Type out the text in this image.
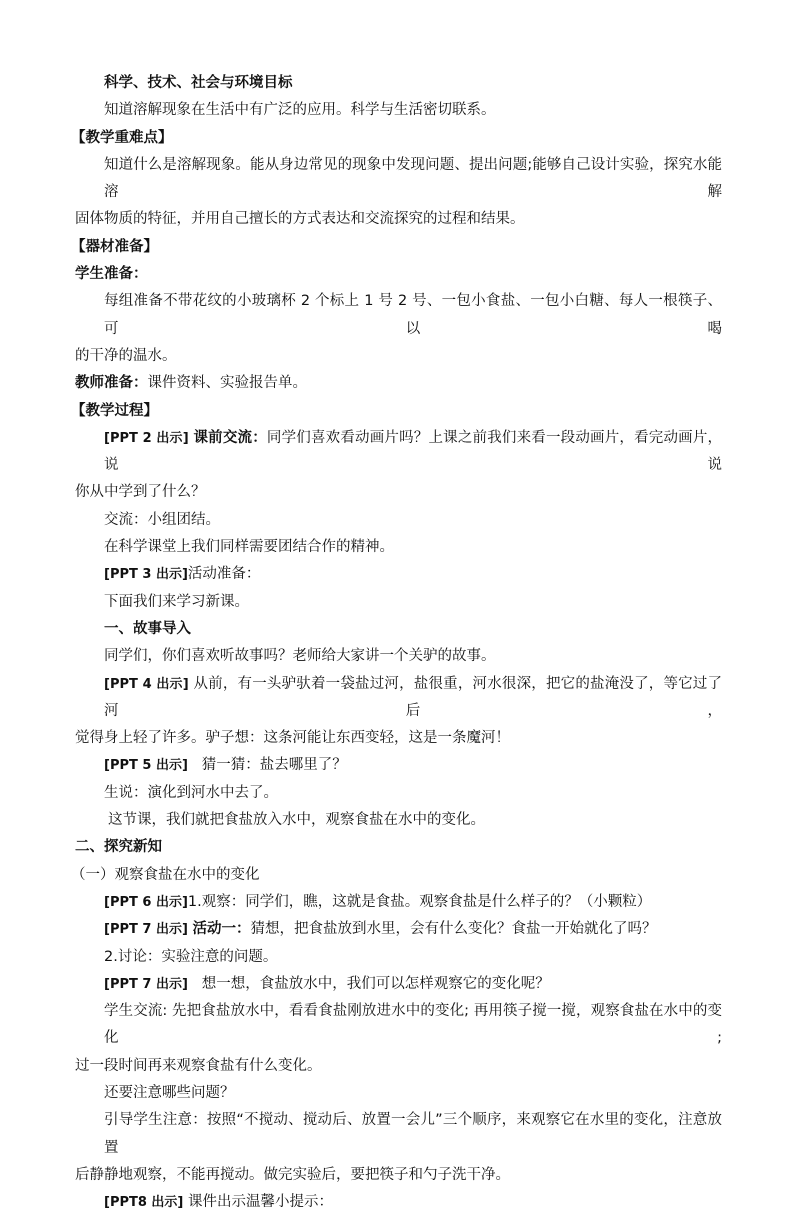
科学、技术、社会与环境目标

知道溶解现象在生活中有广泛的应用。科学与生活密切联系。

【教学重难点】

知道什么是溶解现象。能从身边常见的现象中发现问题、提出问题;能够自己设计实验，探究水能溶解

固体物质的特征，并用自己擅长的方式表达和交流探究的过程和结果。

【器材准备】

学生准备：

每组准备不带花纹的小玻璃杯 2 个标上 1 号 2 号、一包小食盐、一包小白糖、每人一根筷子、可以喝

的干净的温水。

教师准备：课件资料、实验报告单。

【教学过程】

[PPT 2 出示] 课前交流：同学们喜欢看动画片吗？上课之前我们来看一段动画片，看完动画片，说说

你从中学到了什么？

交流：小组团结。

在科学课堂上我们同样需要团结合作的精神。

[PPT 3 出示]活动准备：

下面我们来学习新课。

一、故事导入

同学们，你们喜欢听故事吗？老师给大家讲一个关驴的故事。

[PPT 4 出示] 从前，有一头驴驮着一袋盐过河，盐很重，河水很深，把它的盐淹没了，等它过了河后，

觉得身上轻了许多。驴子想：这条河能让东西变轻，这是一条魔河！

[PPT 5 出示] 猜一猜：盐去哪里了？

生说：演化到河水中去了。

这节课，我们就把食盐放入水中，观察食盐在水中的变化。

二、探究新知

（一）观察食盐在水中的变化

[PPT 6 出示]1.观察：同学们，瞧，这就是食盐。观察食盐是什么样子的？（小颗粒）

[PPT 7 出示] 活动一：猜想，把食盐放到水里，会有什么变化？食盐一开始就化了吗？

2.讨论：实验注意的问题。

[PPT 7 出示] 想一想，食盐放水中，我们可以怎样观察它的变化呢？

学生交流: 先把食盐放水中，看看食盐刚放进水中的变化; 再用筷子搅一搅，观察食盐在水中的变化;

过一段时间再来观察食盐有什么变化。

还要注意哪些问题？

引导学生注意：按照“不搅动、搅动后、放置一会儿”三个顺序，来观察它在水里的变化，注意放置

后静静地观察，不能再搅动。做完实验后，要把筷子和勺子洗干净。

[PPT8 出示] 课件出示温馨小提示：
